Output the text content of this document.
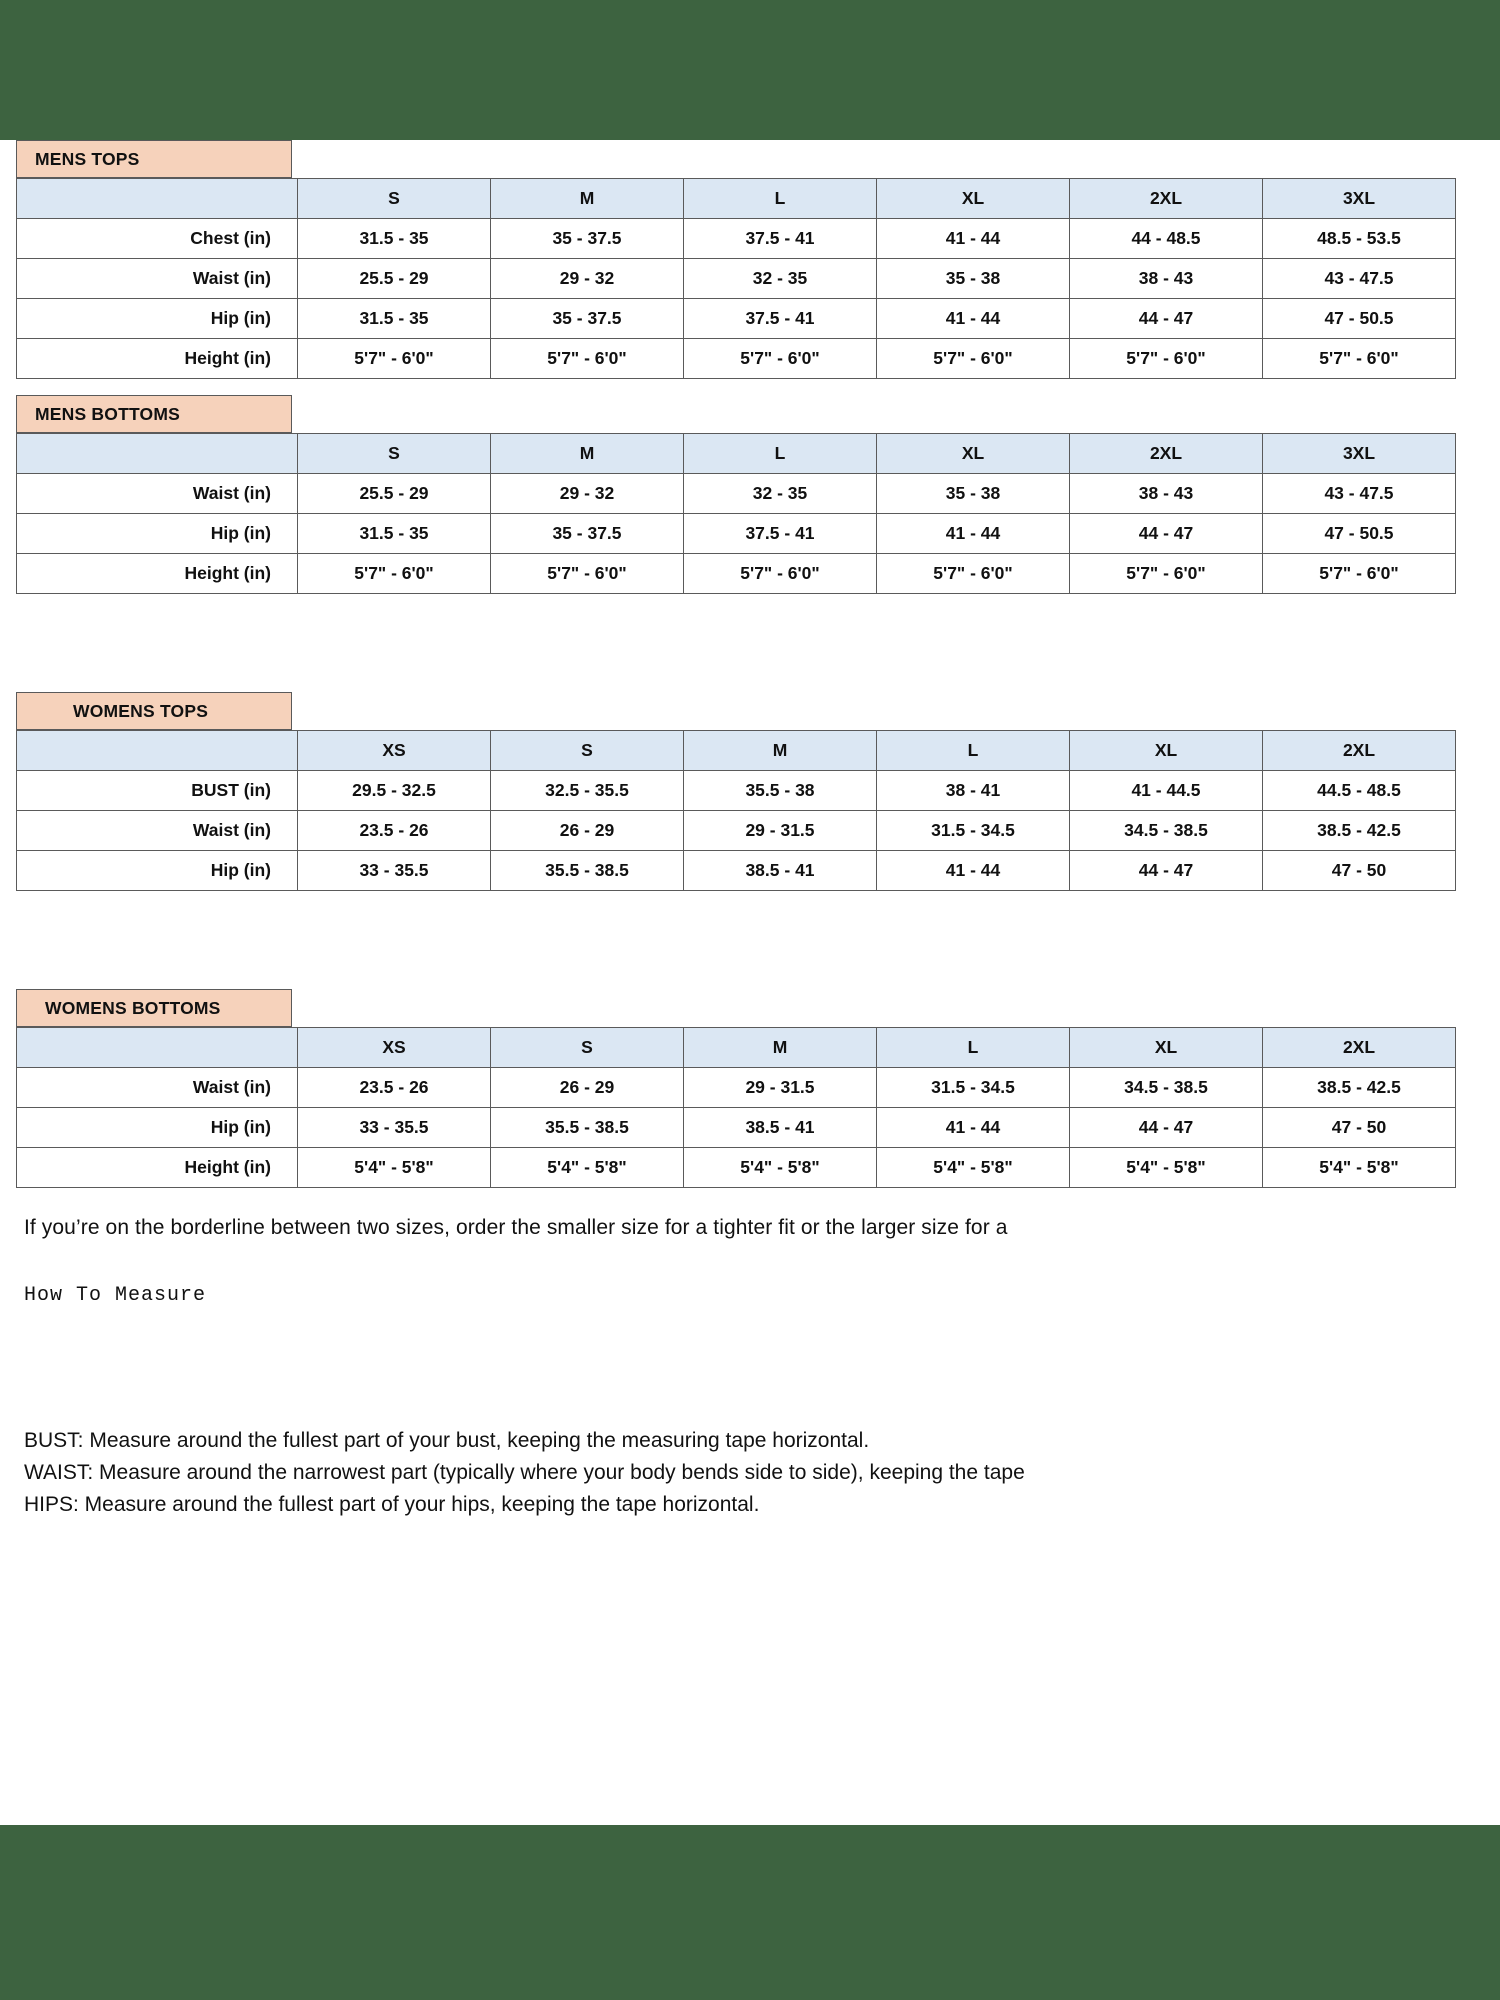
MENS TOPS
	S	M	L	XL	2XL	3XL
Chest (in)	31.5 - 35	35 - 37.5	37.5 - 41	41 - 44	44 - 48.5	48.5 - 53.5
Waist (in)	25.5 - 29	29 - 32	32 - 35	35 - 38	38 - 43	43 - 47.5
Hip (in)	31.5 - 35	35 - 37.5	37.5 - 41	41 - 44	44 - 47	47 - 50.5
Height (in)	5'7" - 6'0"	5'7" - 6'0"	5'7" - 6'0"	5'7" - 6'0"	5'7" - 6'0"	5'7" - 6'0"
MENS BOTTOMS
	S	M	L	XL	2XL	3XL
Waist (in)	25.5 - 29	29 - 32	32 - 35	35 - 38	38 - 43	43 - 47.5
Hip (in)	31.5 - 35	35 - 37.5	37.5 - 41	41 - 44	44 - 47	47 - 50.5
Height (in)	5'7" - 6'0"	5'7" - 6'0"	5'7" - 6'0"	5'7" - 6'0"	5'7" - 6'0"	5'7" - 6'0"
WOMENS TOPS
	XS	S	M	L	XL	2XL
BUST (in)	29.5 - 32.5	32.5 - 35.5	35.5 - 38	38 - 41	41 - 44.5	44.5 - 48.5
Waist (in)	23.5 - 26	26 - 29	29 - 31.5	31.5 - 34.5	34.5 - 38.5	38.5 - 42.5
Hip (in)	33 - 35.5	35.5 - 38.5	38.5 - 41	41 - 44	44 - 47	47 - 50
WOMENS BOTTOMS
	XS	S	M	L	XL	2XL
Waist (in)	23.5 - 26	26 - 29	29 - 31.5	31.5 - 34.5	34.5 - 38.5	38.5 - 42.5
Hip (in)	33 - 35.5	35.5 - 38.5	38.5 - 41	41 - 44	44 - 47	47 - 50
Height (in)	5'4" - 5'8"	5'4" - 5'8"	5'4" - 5'8"	5'4" - 5'8"	5'4" - 5'8"	5'4" - 5'8"
If you’re on the borderline between two sizes, order the smaller size for a tighter fit or the larger size for a
How To Measure
BUST: Measure around the fullest part of your bust, keeping the measuring tape horizontal.
WAIST: Measure around the narrowest part (typically where your body bends side to side), keeping the tape
HIPS: Measure around the fullest part of your hips, keeping the tape horizontal.
